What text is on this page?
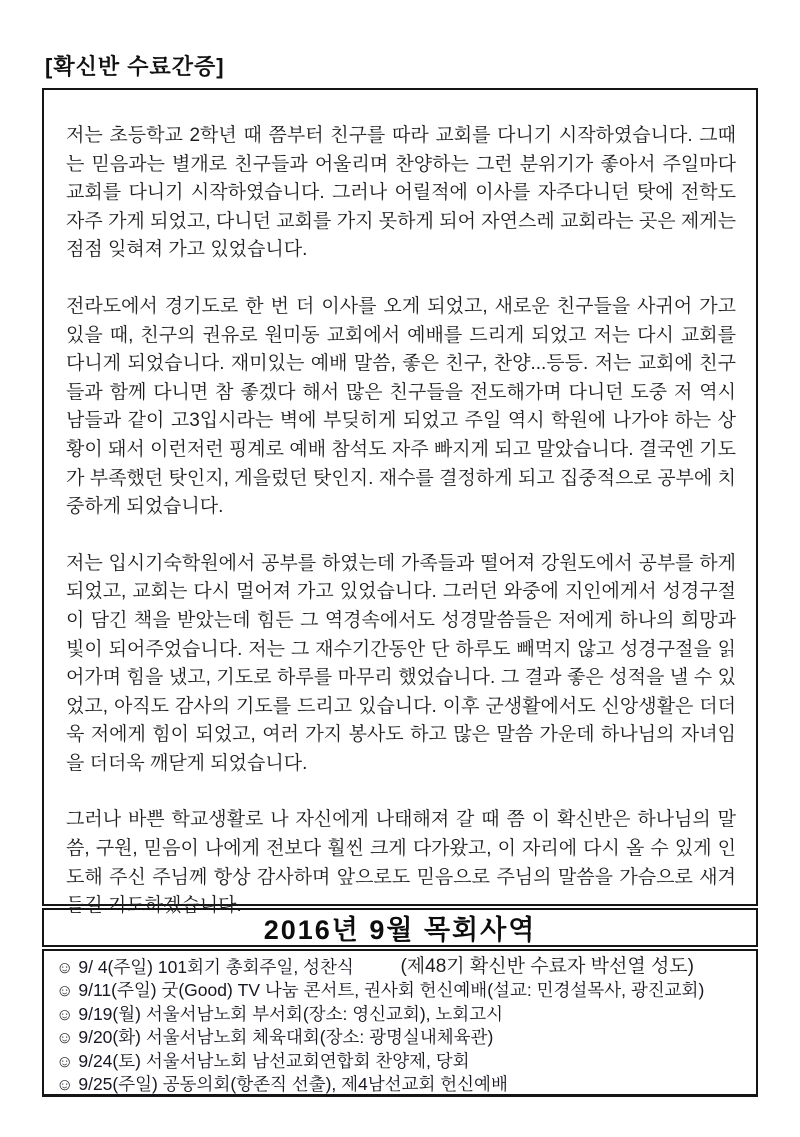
[확신반 수료간증]

저는 초등학교 2학년 때 쯤부터 친구를 따라 교회를 다니기 시작하였습니다. 그때는 믿음과는 별개로 친구들과 어울리며 찬양하는 그런 분위기가 좋아서 주일마다 교회를 다니기 시작하였습니다. 그러나 어릴적에 이사를 자주다니던 탓에 전학도 자주 가게 되었고, 다니던 교회를 가지 못하게 되어 자연스레 교회라는 곳은 제게는 점점 잊혀져 가고 있었습니다.

전라도에서 경기도로 한 번 더 이사를 오게 되었고, 새로운 친구들을 사귀어 가고 있을 때, 친구의 권유로 원미동 교회에서 예배를 드리게 되었고 저는 다시 교회를 다니게 되었습니다. 재미있는 예배 말씀, 좋은 친구, 찬양...등등. 저는 교회에 친구들과 함께 다니면 참 좋겠다 해서 많은 친구들을 전도해가며 다니던 도중 저 역시 남들과 같이 고3입시라는 벽에 부딪히게 되었고 주일 역시 학원에 나가야 하는 상황이 돼서 이런저런 핑계로 예배 참석도 자주 빠지게 되고 말았습니다. 결국엔 기도가 부족했던 탓인지, 게을렀던 탓인지. 재수를 결정하게 되고 집중적으로 공부에 치중하게 되었습니다.

저는 입시기숙학원에서 공부를 하였는데 가족들과 떨어져 강원도에서 공부를 하게 되었고, 교회는 다시 멀어져 가고 있었습니다. 그러던 와중에 지인에게서 성경구절이 담긴 책을 받았는데 힘든 그 역경속에서도 성경말씀들은 저에게 하나의 희망과 빛이 되어주었습니다. 저는 그 재수기간동안 단 하루도 빼먹지 않고 성경구절을 읽어가며 힘을 냈고, 기도로 하루를 마무리 했었습니다. 그 결과 좋은 성적을 낼 수 있었고, 아직도 감사의 기도를 드리고 있습니다. 이후 군생활에서도 신앙생활은 더더욱 저에게 힘이 되었고, 여러 가지 봉사도 하고 많은 말씀 가운데 하나님의 자녀임을 더더욱 깨닫게 되었습니다.

그러나 바쁜 학교생활로 나 자신에게 나태해져 갈 때 쯤 이 확신반은 하나님의 말씀, 구원, 믿음이 나에게 전보다 훨씬 크게 다가왔고, 이 자리에 다시 올 수 있게 인도해 주신 주님께 항상 감사하며 앞으로도 믿음으로 주님의 말씀을 가슴으로 새겨 듣길 기도하겠습니다.

(제48기 확신반 수료자 박선열 성도)
2016년 9월 목회사역
☺ 9/ 4(주일) 101회기 총회주일, 성찬식
☺ 9/11(주일) 굿(Good) TV 나눔 콘서트, 권사회 헌신예배(설교: 민경설목사, 광진교회)
☺ 9/19(월) 서울서남노회 부서회(장소: 영신교회), 노회고시
☺ 9/20(화) 서울서남노회 체육대회(장소: 광명실내체육관)
☺ 9/24(토) 서울서남노회 남선교회연합회 찬양제, 당회
☺ 9/25(주일) 공동의회(항존직 선출), 제4남선교회 헌신예배
